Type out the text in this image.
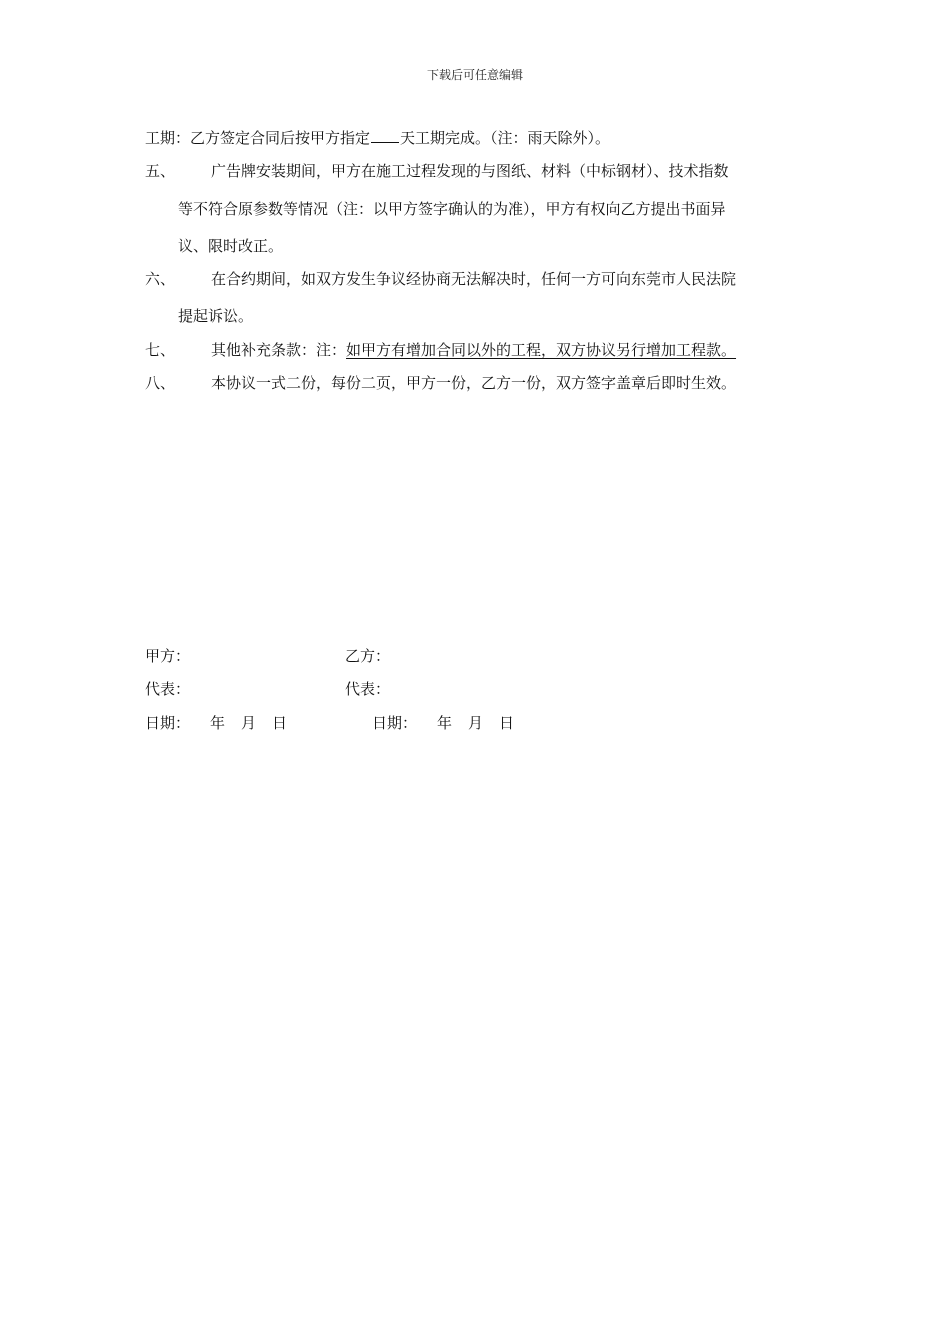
下载后可任意编辑
工期：乙方签定合同后按甲方指定 天工期完成。（注：雨天除外）。
五、 广告牌安装期间，甲方在施工过程发现的与图纸、材料（中标钢材）、技术指数
等不符合原参数等情况（注：以甲方签字确认的为准），甲方有权向乙方提出书面异
议、限时改正。
六、 在合约期间，如双方发生争议经协商无法解决时，任何一方可向东莞市人民法院
提起诉讼。
七、 其他补充条款：注：如甲方有增加合同以外的工程，双方协议另行增加工程款。
八、 本协议一式二份，每份二页，甲方一份，乙方一份，双方签字盖章后即时生效。
甲方：	乙方：
代表：	代表：
日期： 年 月 日	日期： 年 月 日
